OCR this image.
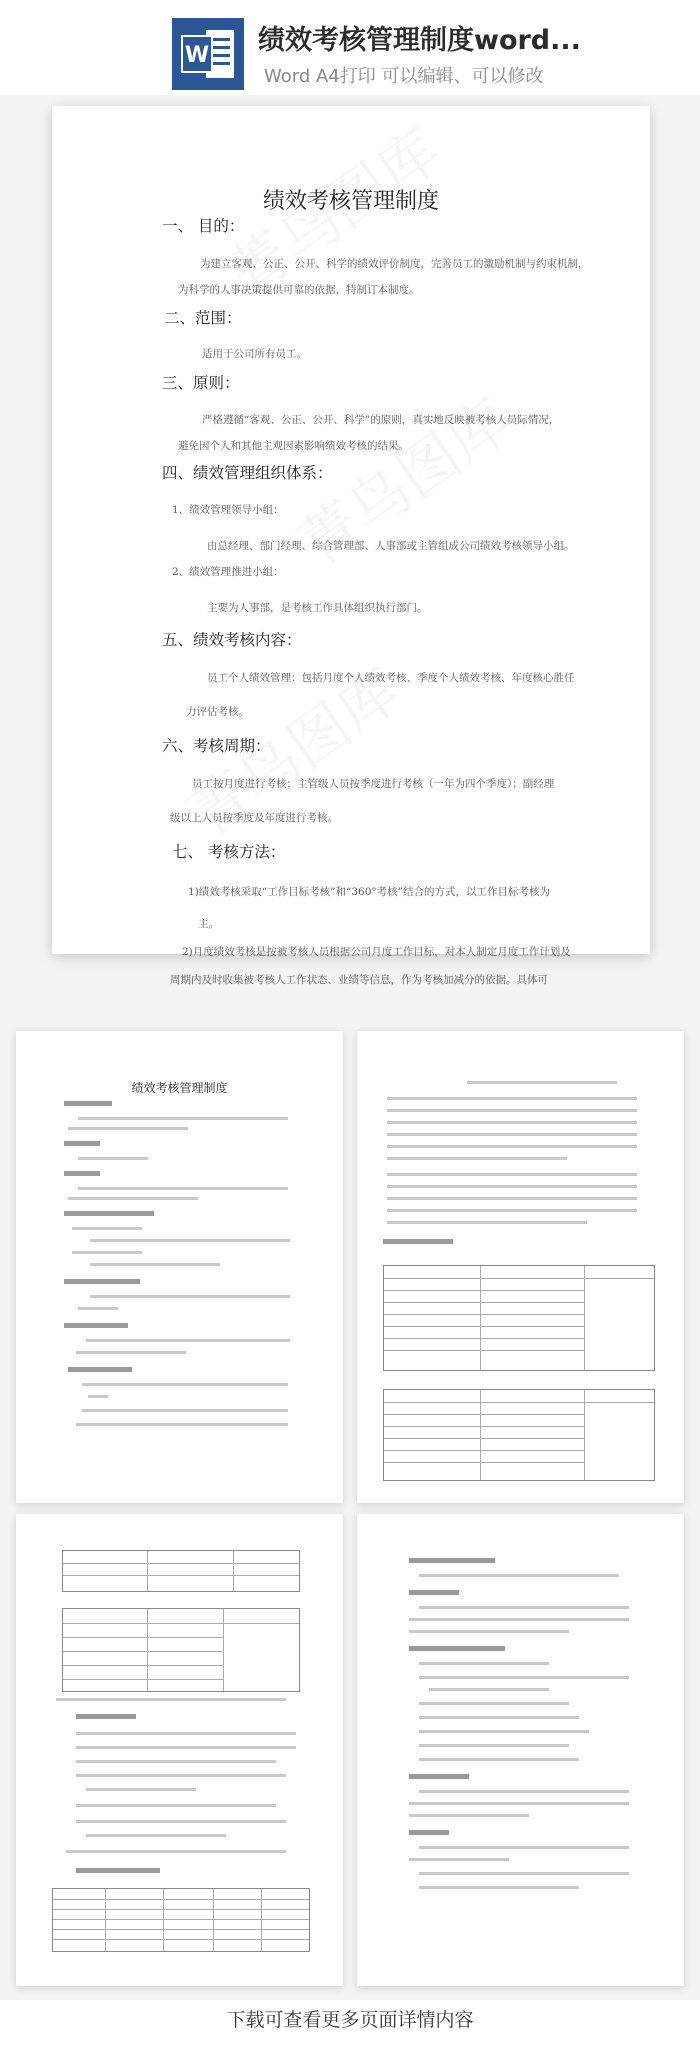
W 绩效考核管理制度word...
Word A4打印 可以编辑、可以修改
绩效考核管理制度
一、 目的：
为建立客观、公正、公开、科学的绩效评价制度，完善员工的激励机制与约束机制，
为科学的人事决策提供可靠的依据，特制订本制度。
二、范围：
适用于公司所有员工。
三、原则：
严格遵循“客观、公正、公开、科学”的原则，真实地反映被考核人员际情况，
避免因个人和其他主观因素影响绩效考核的结果。
四、绩效管理组织体系：
1、绩效管理领导小组：
由总经理、部门经理、综合管理部、人事部或主管组成公司绩效考核领导小组。
2、绩效管理推进小组：
主要为人事部，是考核工作具体组织执行部门。
五、绩效考核内容：
员工个人绩效管理：包括月度个人绩效考核、季度个人绩效考核、年度核心胜任
力评估考核。
六、考核周期：
员工按月度进行考核；主管级人员按季度进行考核（一年为四个季度）；副经理
级以上人员按季度及年度进行考核。
七、 考核方法：
1)绩效考核采取“工作目标考核”和“360°考核”结合的方式，以工作目标考核为
主。
2)月度绩效考核是按被考核人员根据公司月度工作目标，对本人制定月度工作计划及
周期内及时收集被考核人工作状态、业绩等信息，作为考核加减分的依据。具体可
绩效考核管理制度
下载可查看更多页面详情内容
